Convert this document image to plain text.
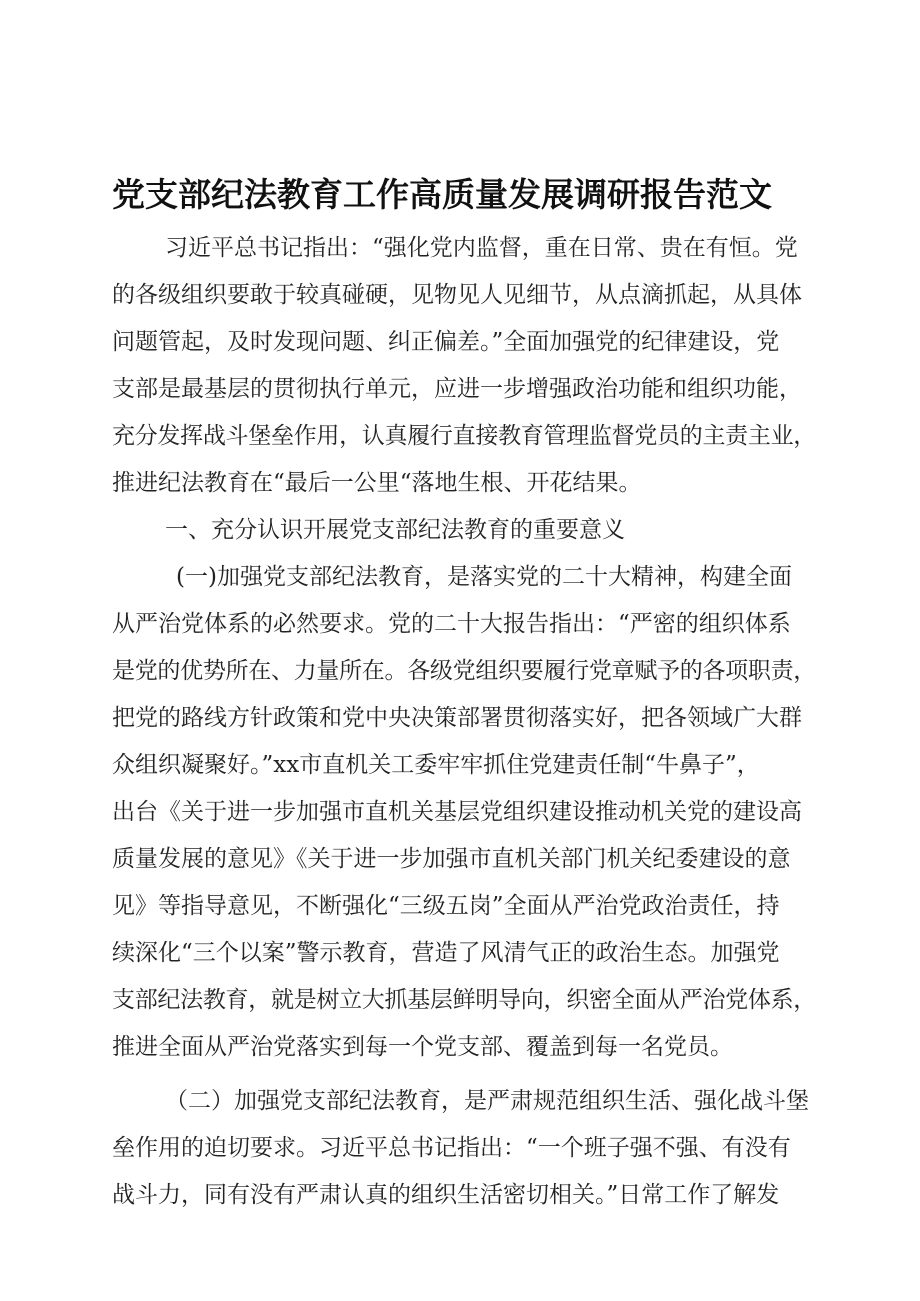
党支部纪法教育工作高质量发展调研报告范文
习近平总书记指出：“强化党内监督，重在日常、贵在有恒。党
的各级组织要敢于较真碰硬，见物见人见细节，从点滴抓起，从具体
问题管起，及时发现问题、纠正偏差。”全面加强党的纪律建设，党
支部是最基层的贯彻执行单元，应进一步增强政治功能和组织功能，
充分发挥战斗堡垒作用，认真履行直接教育管理监督党员的主责主业，
推进纪法教育在“最后一公里“落地生根、开花结果。
一、充分认识开展党支部纪法教育的重要意义
(一)加强党支部纪法教育，是落实党的二十大精神，构建全面
从严治党体系的必然要求。党的二十大报告指出：“严密的组织体系
是党的优势所在、力量所在。各级党组织要履行党章赋予的各项职责，
把党的路线方针政策和党中央决策部署贯彻落实好，把各领域广大群
众组织凝聚好。”xx市直机关工委牢牢抓住党建责任制“牛鼻子”，
出台《关于进一步加强市直机关基层党组织建设推动机关党的建设高
质量发展的意见》《关于进一步加强市直机关部门机关纪委建设的意
见》等指导意见，不断强化“三级五岗”全面从严治党政治责任，持
续深化“三个以案”警示教育，营造了风清气正的政治生态。加强党
支部纪法教育，就是树立大抓基层鲜明导向，织密全面从严治党体系，
推进全面从严治党落实到每一个党支部、覆盖到每一名党员。
（二）加强党支部纪法教育，是严肃规范组织生活、强化战斗堡
垒作用的迫切要求。习近平总书记指出：“一个班子强不强、有没有
战斗力，同有没有严肃认真的组织生活密切相关。”日常工作了解发
